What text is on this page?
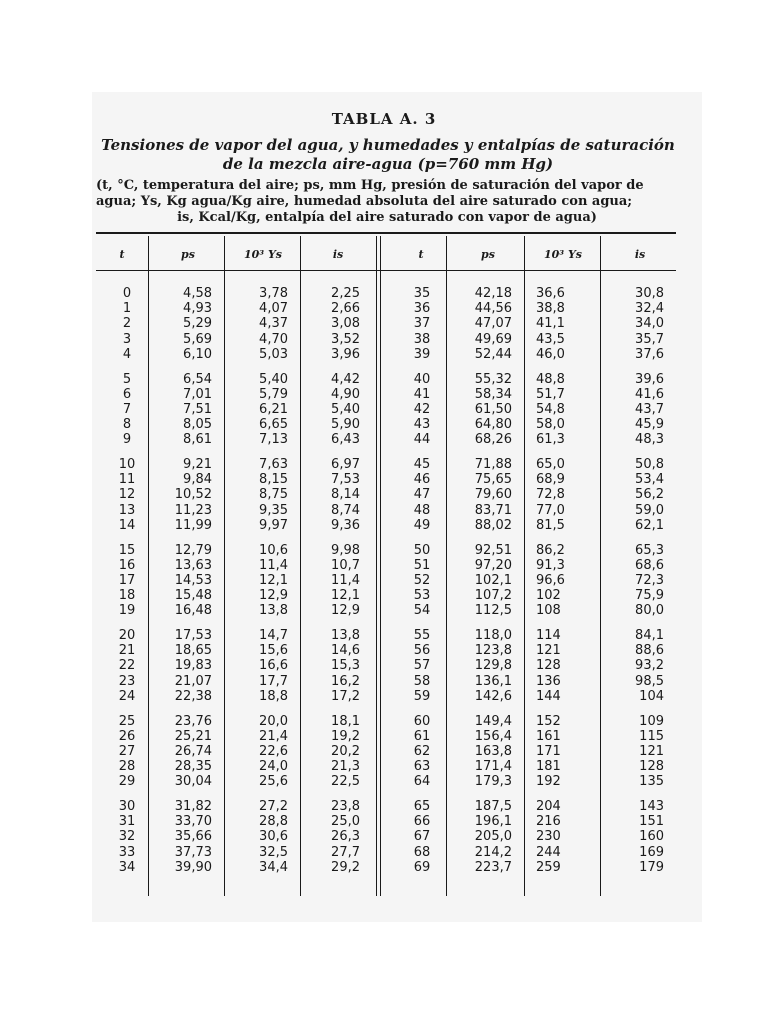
TABLA A. 3
Tensiones de vapor del agua, y humedades y entalpías de saturación
de la mezcla aire-agua (p=760 mm Hg)
(t, °C, temperatura del aire; ps, mm Hg, presión de saturación del vapor de
agua; Ys, Kg agua/Kg aire, humedad absoluta del aire saturado con agua;
is, Kcal/Kg, entalpía del aire saturado con vapor de agua)
t	ps	10³ Ys	is	t	ps	10³ Ys	is
0	4,58	3,78	2,25	35	42,18 36,6	30,8
1	4,93	4,07	2,66	36	44,56 38,8	32,4
2	5,29	4,37	3,08	37	47,07 41,1	34,0
3	5,69	4,70	3,52	38	49,69 43,5	35,7
4	6,10	5,03	3,96	39	52,44 46,0	37,6
5	6,54	5,40	4,42	40	55,32 48,8	39,6
6	7,01	5,79	4,90	41	58,34 51,7	41,6
7	7,51	6,21	5,40	42	61,50 54,8	43,7
8	8,05	6,65	5,90	43	64,80 58,0	45,9
9	8,61	7,13	6,43	44	68,26 61,3	48,3
10	9,21	7,63	6,97	45	71,88 65,0	50,8
11	9,84	8,15	7,53	46	75,65 68,9	53,4
12	10,52	8,75	8,14	47	79,60 72,8	56,2
13	11,23	9,35	8,74	48	83,71 77,0	59,0
14	11,99	9,97	9,36	49	88,02 81,5	62,1
15	12,79	10,6	9,98	50	92,51 86,2	65,3
16	13,63	11,4	10,7	51	97,20 91,3	68,6
17	14,53	12,1	11,4	52	102,1 96,6	72,3
18	15,48	12,9	12,1	53	107,2 102	75,9
19	16,48	13,8	12,9	54	112,5 108	80,0
20	17,53	14,7	13,8	55	118,0 114	84,1
21	18,65	15,6	14,6	56	123,8 121	88,6
22	19,83	16,6	15,3	57	129,8 128	93,2
23	21,07	17,7	16,2	58	136,1 136	98,5
24	22,38	18,8	17,2	59	142,6 144	104
25	23,76	20,0	18,1	60	149,4 152	109
26	25,21	21,4	19,2	61	156,4 161	115
27	26,74	22,6	20,2	62	163,8 171	121
28	28,35	24,0	21,3	63	171,4 181	128
29	30,04	25,6	22,5	64	179,3 192	135
30	31,82	27,2	23,8	65	187,5 204	143
31	33,70	28,8	25,0	66	196,1 216	151
32	35,66	30,6	26,3	67	205,0 230	160
33	37,73	32,5	27,7	68	214,2 244	169
34	39,90	34,4	29,2	69	223,7 259	179
